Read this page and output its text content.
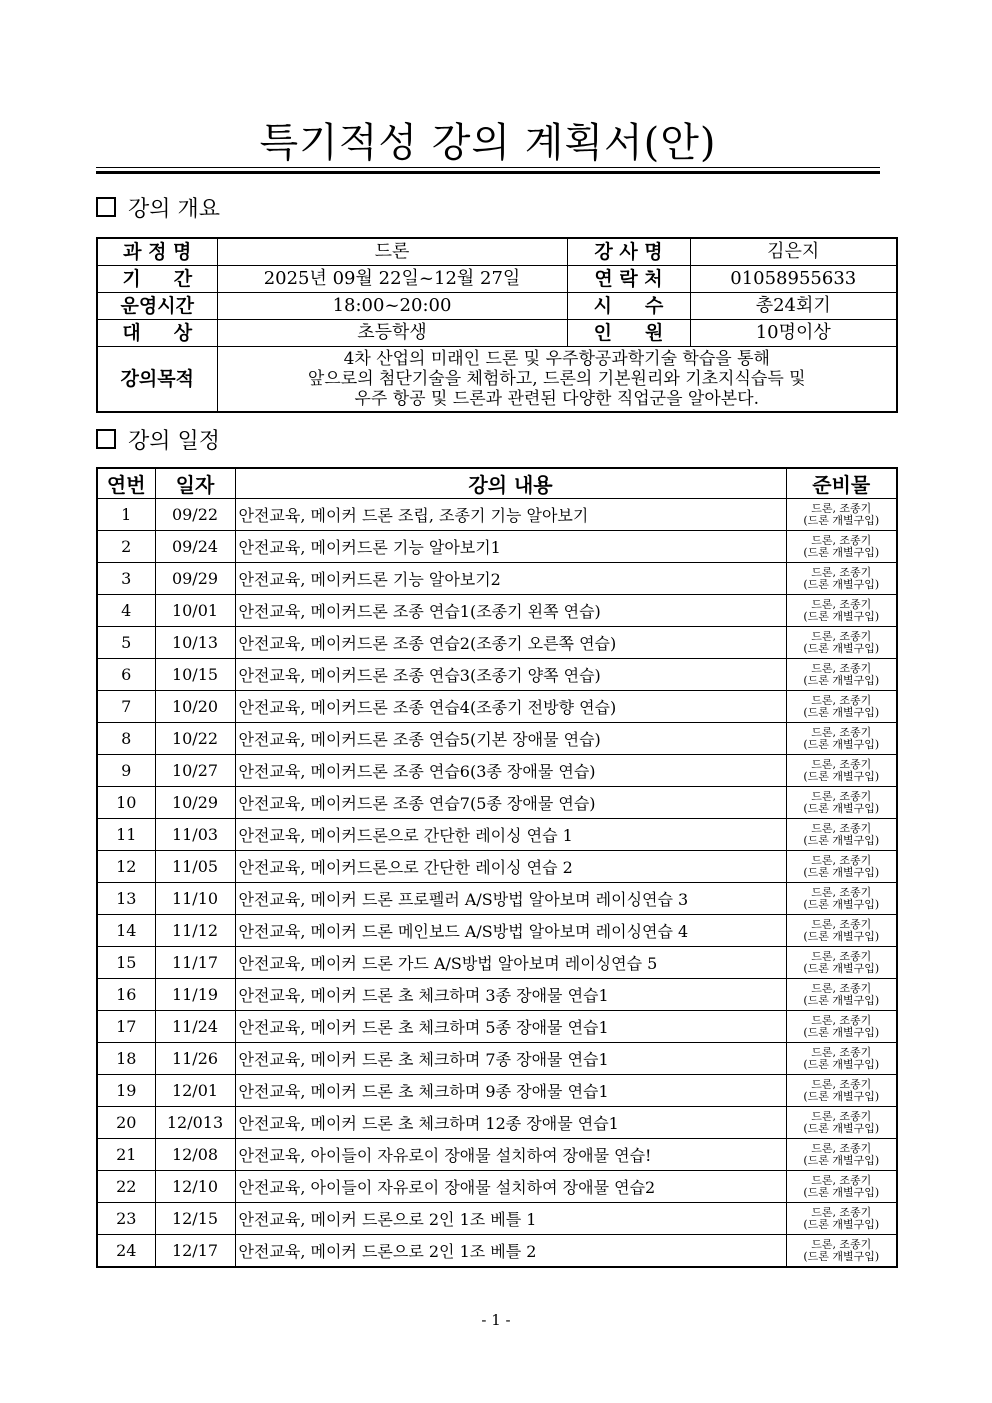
특기적성 강의 계획서(안)
강의 개요
과 정 명	드론	강 사 명	김은지
기     간	2025년 09월 22일~12월 27일	연 락 처	01058955633
운영시간	18:00~20:00	시     수	총24회기
대     상	초등학생	인     원	10명이상
강의목적	4차 산업의 미래인 드론 및 우주항공과학기술 학습을 통해
앞으로의 첨단기술을 체험하고, 드론의 기본원리와 기초지식습득 및
우주 항공 및 드론과 관련된 다양한 직업군을 알아본다.		
강의 일정
연번	일자	강의 내용	준비물
1	09/22	안전교육, 메이커 드론 조립, 조종기 기능 알아보기	드론, 조종기
(드론 개별구입)

2	09/24	안전교육, 메이커드론 기능 알아보기1	드론, 조종기
(드론 개별구입)

3	09/29	안전교육, 메이커드론 기능 알아보기2	드론, 조종기
(드론 개별구입)

4	10/01	안전교육, 메이커드론 조종 연습1(조종기 왼쪽 연습)	드론, 조종기
(드론 개별구입)

5	10/13	안전교육, 메이커드론 조종 연습2(조종기 오른쪽 연습)	드론, 조종기
(드론 개별구입)

6	10/15	안전교육, 메이커드론 조종 연습3(조종기 양쪽 연습)	드론, 조종기
(드론 개별구입)

7	10/20	안전교육, 메이커드론 조종 연습4(조종기 전방향 연습)	드론, 조종기
(드론 개별구입)

8	10/22	안전교육, 메이커드론 조종 연습5(기본 장애물 연습)	드론, 조종기
(드론 개별구입)

9	10/27	안전교육, 메이커드론 조종 연습6(3종 장애물 연습)	드론, 조종기
(드론 개별구입)

10	10/29	안전교육, 메이커드론 조종 연습7(5종 장애물 연습)	드론, 조종기
(드론 개별구입)

11	11/03	안전교육, 메이커드론으로 간단한 레이싱 연습 1	드론, 조종기
(드론 개별구입)

12	11/05	안전교육, 메이커드론으로 간단한 레이싱 연습 2	드론, 조종기
(드론 개별구입)

13	11/10	안전교육, 메이커 드론 프로펠러 A/S방법 알아보며 레이싱연습 3	드론, 조종기
(드론 개별구입)

14	11/12	안전교육, 메이커 드론 메인보드 A/S방법 알아보며 레이싱연습 4	드론, 조종기
(드론 개별구입)

15	11/17	안전교육, 메이커 드론 가드 A/S방법 알아보며 레이싱연습 5	드론, 조종기
(드론 개별구입)

16	11/19	안전교육, 메이커 드론 초 체크하며 3종 장애물 연습1	드론, 조종기
(드론 개별구입)

17	11/24	안전교육, 메이커 드론 초 체크하며 5종 장애물 연습1	드론, 조종기
(드론 개별구입)

18	11/26	안전교육, 메이커 드론 초 체크하며 7종 장애물 연습1	드론, 조종기
(드론 개별구입)

19	12/01	안전교육, 메이커 드론 초 체크하며 9종 장애물 연습1	드론, 조종기
(드론 개별구입)

20	12/013	안전교육, 메이커 드론 초 체크하며 12종 장애물 연습1	드론, 조종기
(드론 개별구입)

21	12/08	안전교육, 아이들이 자유로이 장애물 설치하여 장애물 연습!	드론, 조종기
(드론 개별구입)

22	12/10	안전교육, 아이들이 자유로이 장애물 설치하여 장애물 연습2	드론, 조종기
(드론 개별구입)

23	12/15	안전교육, 메이커 드론으로 2인 1조 베틀 1	드론, 조종기
(드론 개별구입)

24	12/17	안전교육, 메이커 드론으로 2인 1조 베틀 2	드론, 조종기
(드론 개별구입)
- 1 -
